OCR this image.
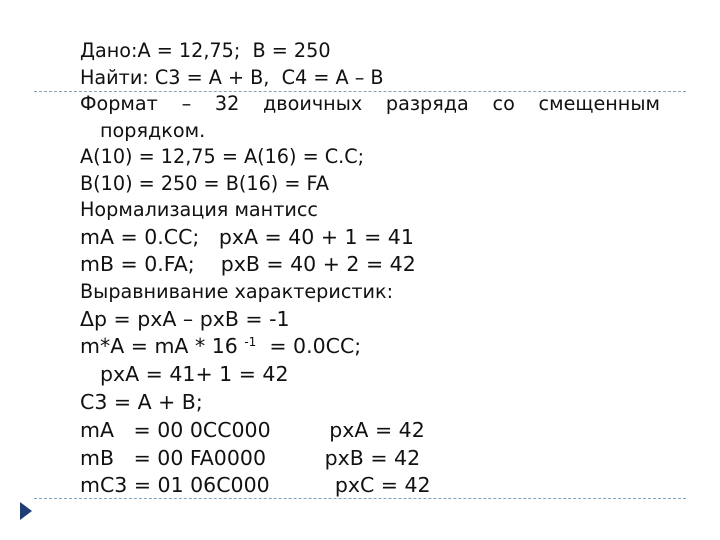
Дано:A = 12,75;  B = 250
Найти: C3 = A + B,  C4 = A – B
Формат – 32 двоичных разряда со смещенным
порядком.
A(10) = 12,75 = A(16) = C.C;
B(10) = 250 = B(16) = FA
Нормализация мантисс
mA = 0.CC;   pxA = 40 + 1 = 41
mB = 0.FA;    pxB = 40 + 2 = 42
Выравнивание характеристик:
Δp = pxA – pxB = -1
m*A = mA * 16 $^{-1}$  = 0.0CC;
pxA = 41+ 1 = 42
C3 = A + B;
mA   = 00 0CC000         pxA = 42
mB   = 00 FA0000         pxB = 42
mC3 = 01 06C000          pxC = 42
